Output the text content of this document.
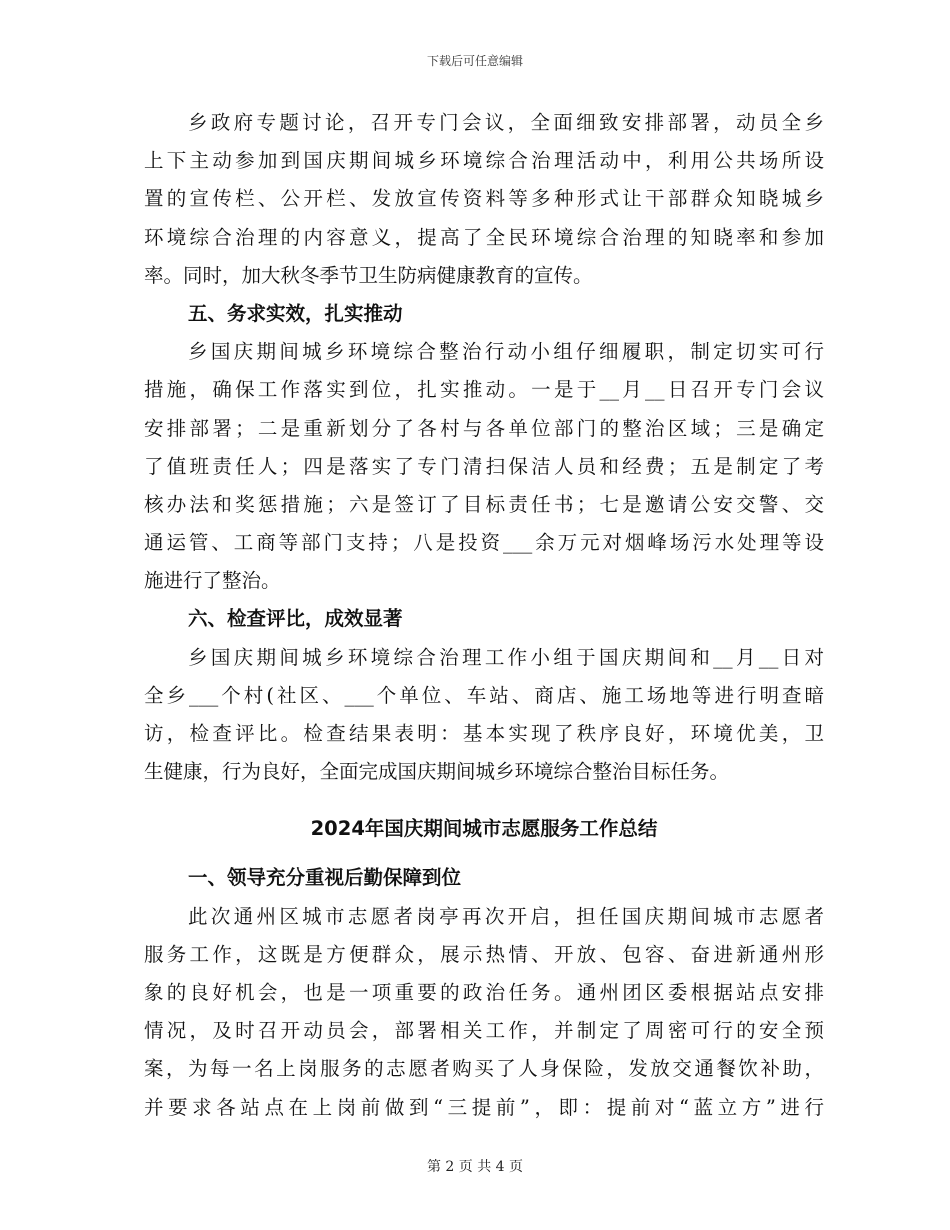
下载后可任意编辑
乡政府专题讨论，召开专门会议，全面细致安排部署，动员全乡
上下主动参加到国庆期间城乡环境综合治理活动中，利用公共场所设
置的宣传栏、公开栏、发放宣传资料等多种形式让干部群众知晓城乡
环境综合治理的内容意义，提高了全民环境综合治理的知晓率和参加
率。同时，加大秋冬季节卫生防病健康教育的宣传。
五、务求实效，扎实推动
乡国庆期间城乡环境综合整治行动小组仔细履职，制定切实可行
措施，确保工作落实到位，扎实推动。一是于__月__日召开专门会议
安排部署；二是重新划分了各村与各单位部门的整治区域；三是确定
了值班责任人；四是落实了专门清扫保洁人员和经费；五是制定了考
核办法和奖惩措施；六是签订了目标责任书；七是邀请公安交警、交
通运管、工商等部门支持；八是投资___余万元对烟峰场污水处理等设
施进行了整治。
六、检查评比，成效显著
乡国庆期间城乡环境综合治理工作小组于国庆期间和__月__日对
全乡___个村(社区、___个单位、车站、商店、施工场地等进行明查暗
访，检查评比。检查结果表明：基本实现了秩序良好，环境优美，卫
生健康，行为良好，全面完成国庆期间城乡环境综合整治目标任务。
2024年国庆期间城市志愿服务工作总结
一、领导充分重视后勤保障到位
此次通州区城市志愿者岗亭再次开启，担任国庆期间城市志愿者
服务工作，这既是方便群众，展示热情、开放、包容、奋进新通州形
象的良好机会，也是一项重要的政治任务。通州团区委根据站点安排
情况，及时召开动员会，部署相关工作，并制定了周密可行的安全预
案，为每一名上岗服务的志愿者购买了人身保险，发放交通餐饮补助，
并要求各站点在上岗前做到“三提前”，即：提前对“蓝立方”进行
第 2 页 共 4 页
